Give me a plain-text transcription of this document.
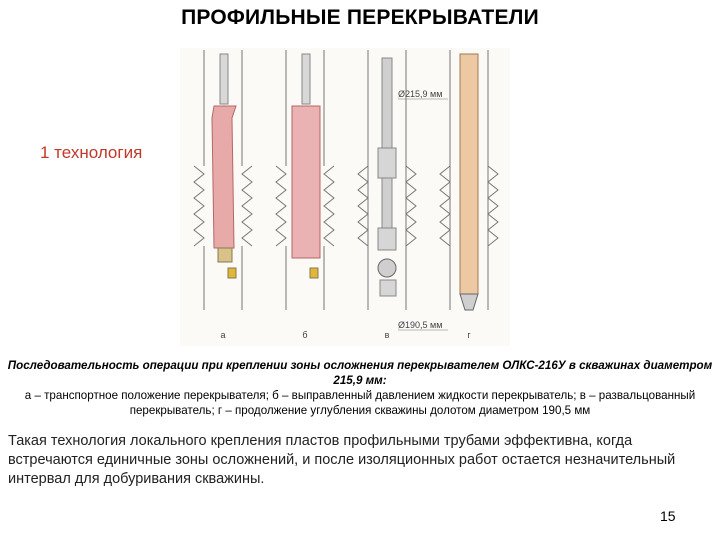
ПРОФИЛЬНЫЕ ПЕРЕКРЫВАТЕЛИ
а	б	в	г
Ø215,9 мм
Ø190,5 мм
1 технология
Последовательность операции при креплении зоны осложнения перекрывателем ОЛКС-216У в скважинах диаметром 215,9 мм:
а – транспортное положение перекрывателя; б – выправленный давлением жидкости перекрыватель; в – развальцованный перекрыватель; г – продолжение углубления скважины долотом диаметром 190,5 мм
Такая технология локального крепления пластов профильными трубами эффективна, когда встречаются единичные зоны осложнений, и после изоляционных работ остается незначительный интервал для добуривания скважины.
15
